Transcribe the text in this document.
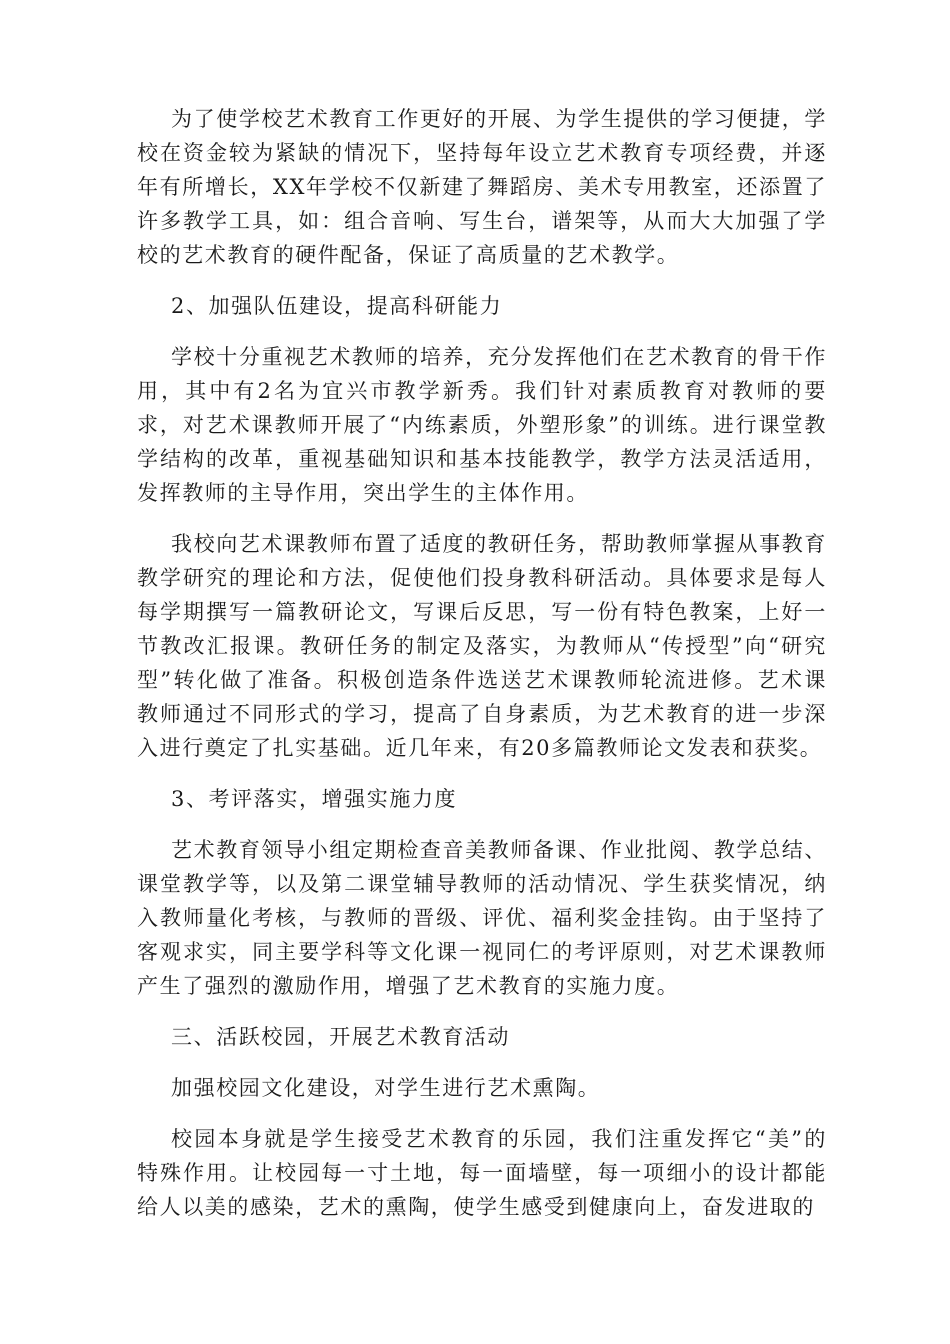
为了使学校艺术教育工作更好的开展、为学生提供的学习便捷，学校在资金较为紧缺的情况下，坚持每年设立艺术教育专项经费，并逐年有所增长，XX年学校不仅新建了舞蹈房、美术专用教室，还添置了许多教学工具，如：组合音响、写生台，谱架等，从而大大加强了学校的艺术教育的硬件配备，保证了高质量的艺术教学。

2、加强队伍建设，提高科研能力

学校十分重视艺术教师的培养，充分发挥他们在艺术教育的骨干作用，其中有2名为宜兴市教学新秀。我们针对素质教育对教师的要求，对艺术课教师开展了“内练素质，外塑形象”的训练。进行课堂教学结构的改革，重视基础知识和基本技能教学，教学方法灵活适用，发挥教师的主导作用，突出学生的主体作用。

我校向艺术课教师布置了适度的教研任务，帮助教师掌握从事教育教学研究的理论和方法，促使他们投身教科研活动。具体要求是每人每学期撰写一篇教研论文，写课后反思，写一份有特色教案，上好一节教改汇报课。教研任务的制定及落实，为教师从“传授型”向“研究型”转化做了准备。积极创造条件选送艺术课教师轮流进修。艺术课教师通过不同形式的学习，提高了自身素质，为艺术教育的进一步深入进行奠定了扎实基础。近几年来，有20多篇教师论文发表和获奖。

3、考评落实，增强实施力度

艺术教育领导小组定期检查音美教师备课、作业批阅、教学总结、课堂教学等，以及第二课堂辅导教师的活动情况、学生获奖情况，纳入教师量化考核，与教师的晋级、评优、福利奖金挂钩。由于坚持了客观求实，同主要学科等文化课一视同仁的考评原则，对艺术课教师产生了强烈的激励作用，增强了艺术教育的实施力度。

三、活跃校园，开展艺术教育活动

加强校园文化建设，对学生进行艺术熏陶。

校园本身就是学生接受艺术教育的乐园，我们注重发挥它“美”的特殊作用。让校园每一寸土地，每一面墙壁，每一项细小的设计都能给人以美的感染，艺术的熏陶，使学生感受到健康向上，奋发进取的
